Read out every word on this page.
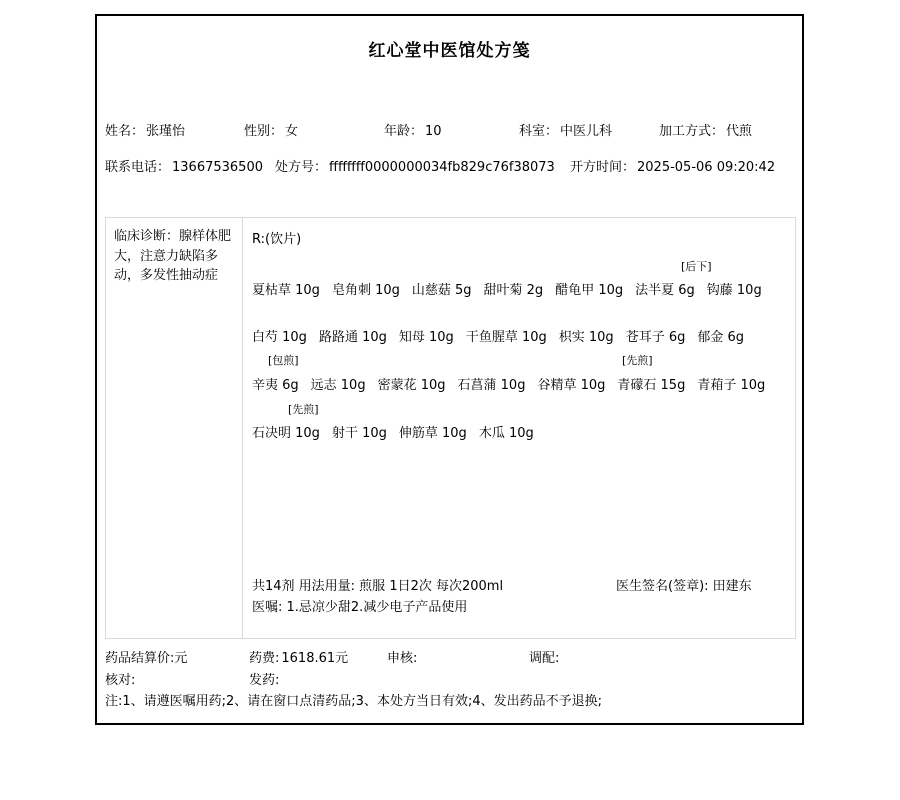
红心堂中医馆处方笺
姓名： 张瑾怡	性别： 女	年龄： 10	科室： 中医儿科	加工方式： 代煎
联系电话： 13667536500 处方号： ffffffff0000000034fb829c76f38073 开方时间： 2025-05-06 09:20:42
临床诊断：腺样体肥大，注意力缺陷多动，多发性抽动症
R:(饮片)
[后下]
夏枯草 10g 皂角刺 10g 山慈菇 5g 甜叶菊 2g 醋龟甲 10g 法半夏 6g 钩藤 10g
白芍 10g 路路通 10g 知母 10g 干鱼腥草 10g 枳实 10g 苍耳子 6g 郁金 6g
[包煎]	[先煎]
辛夷 6g 远志 10g 密蒙花 10g 石菖蒲 10g 谷精草 10g 青礞石 15g 青葙子 10g
[先煎]
石决明 10g 射干 10g 伸筋草 10g 木瓜 10g
共14剂 用法用量: 煎服 1日2次 每次200ml	医生签名(签章): 田建东
医嘱: 1.忌凉少甜2.减少电子产品使用
药品结算价:元	药费: 1618.61元	申核:	调配:
核对:	发药:
注:1、请遵医嘱用药;2、请在窗口点清药品;3、本处方当日有效;4、发出药品不予退换;
